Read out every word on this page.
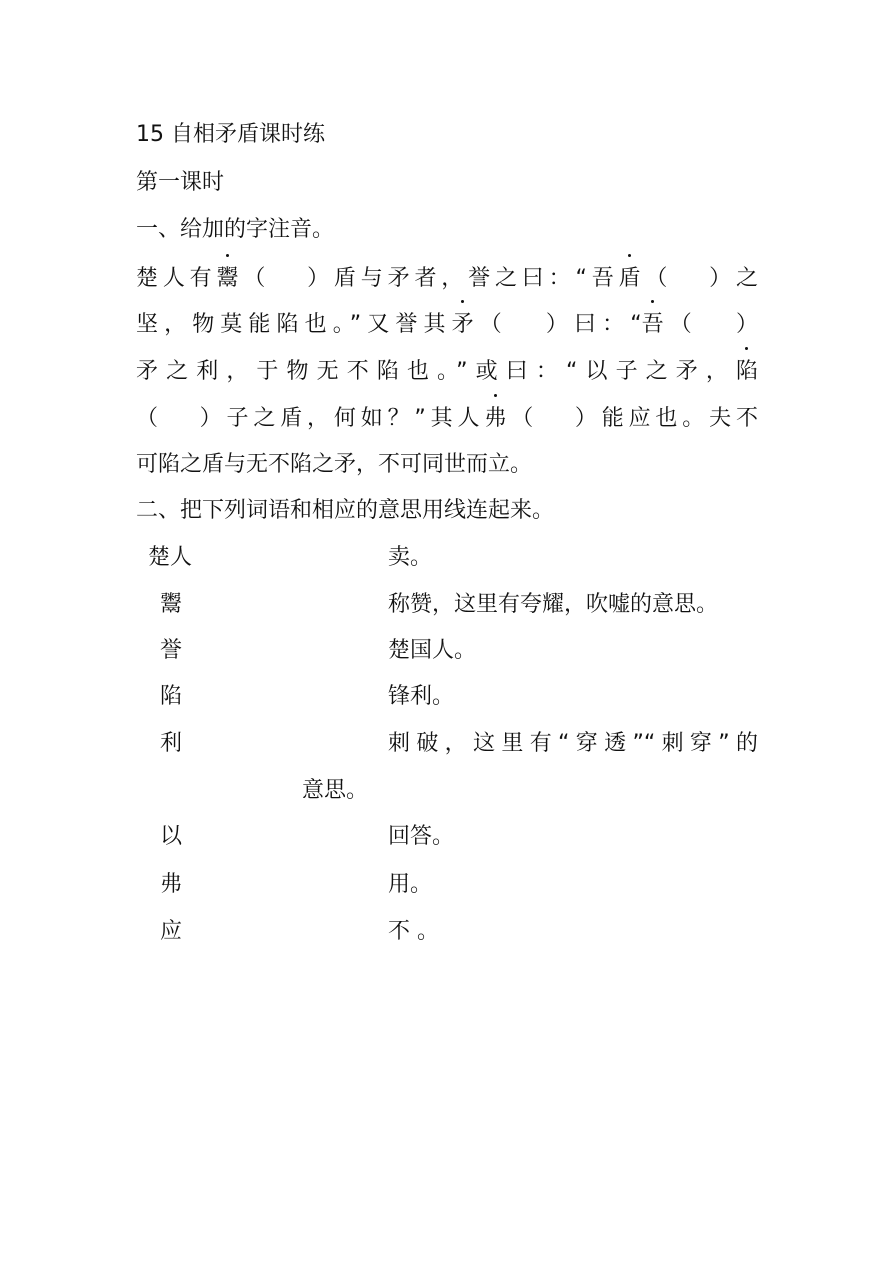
15 自相矛盾课时练
第一课时
一、给加的字注音。
楚人有鬻（ ）盾与矛者，誉之曰：“吾盾（ ）之
坚，物莫能陷也。”又誉其矛（ ）曰：“吾（ ）
矛之利，于物无不陷也。”或曰：“以子之矛，陷
（ ）子之盾，何如？”其人弗（ ）能应也。夫不
可陷之盾与无不陷之矛，不可同世而立。
二、把下列词语和相应的意思用线连起来。
楚人
鬻
誉
陷
利
以
弗
应
卖。
称赞，这里有夸耀，吹嘘的意思。
楚国人。
锋利。
刺破，这里有“穿透”“刺穿”的
意思。
回答。
用。
不 。
